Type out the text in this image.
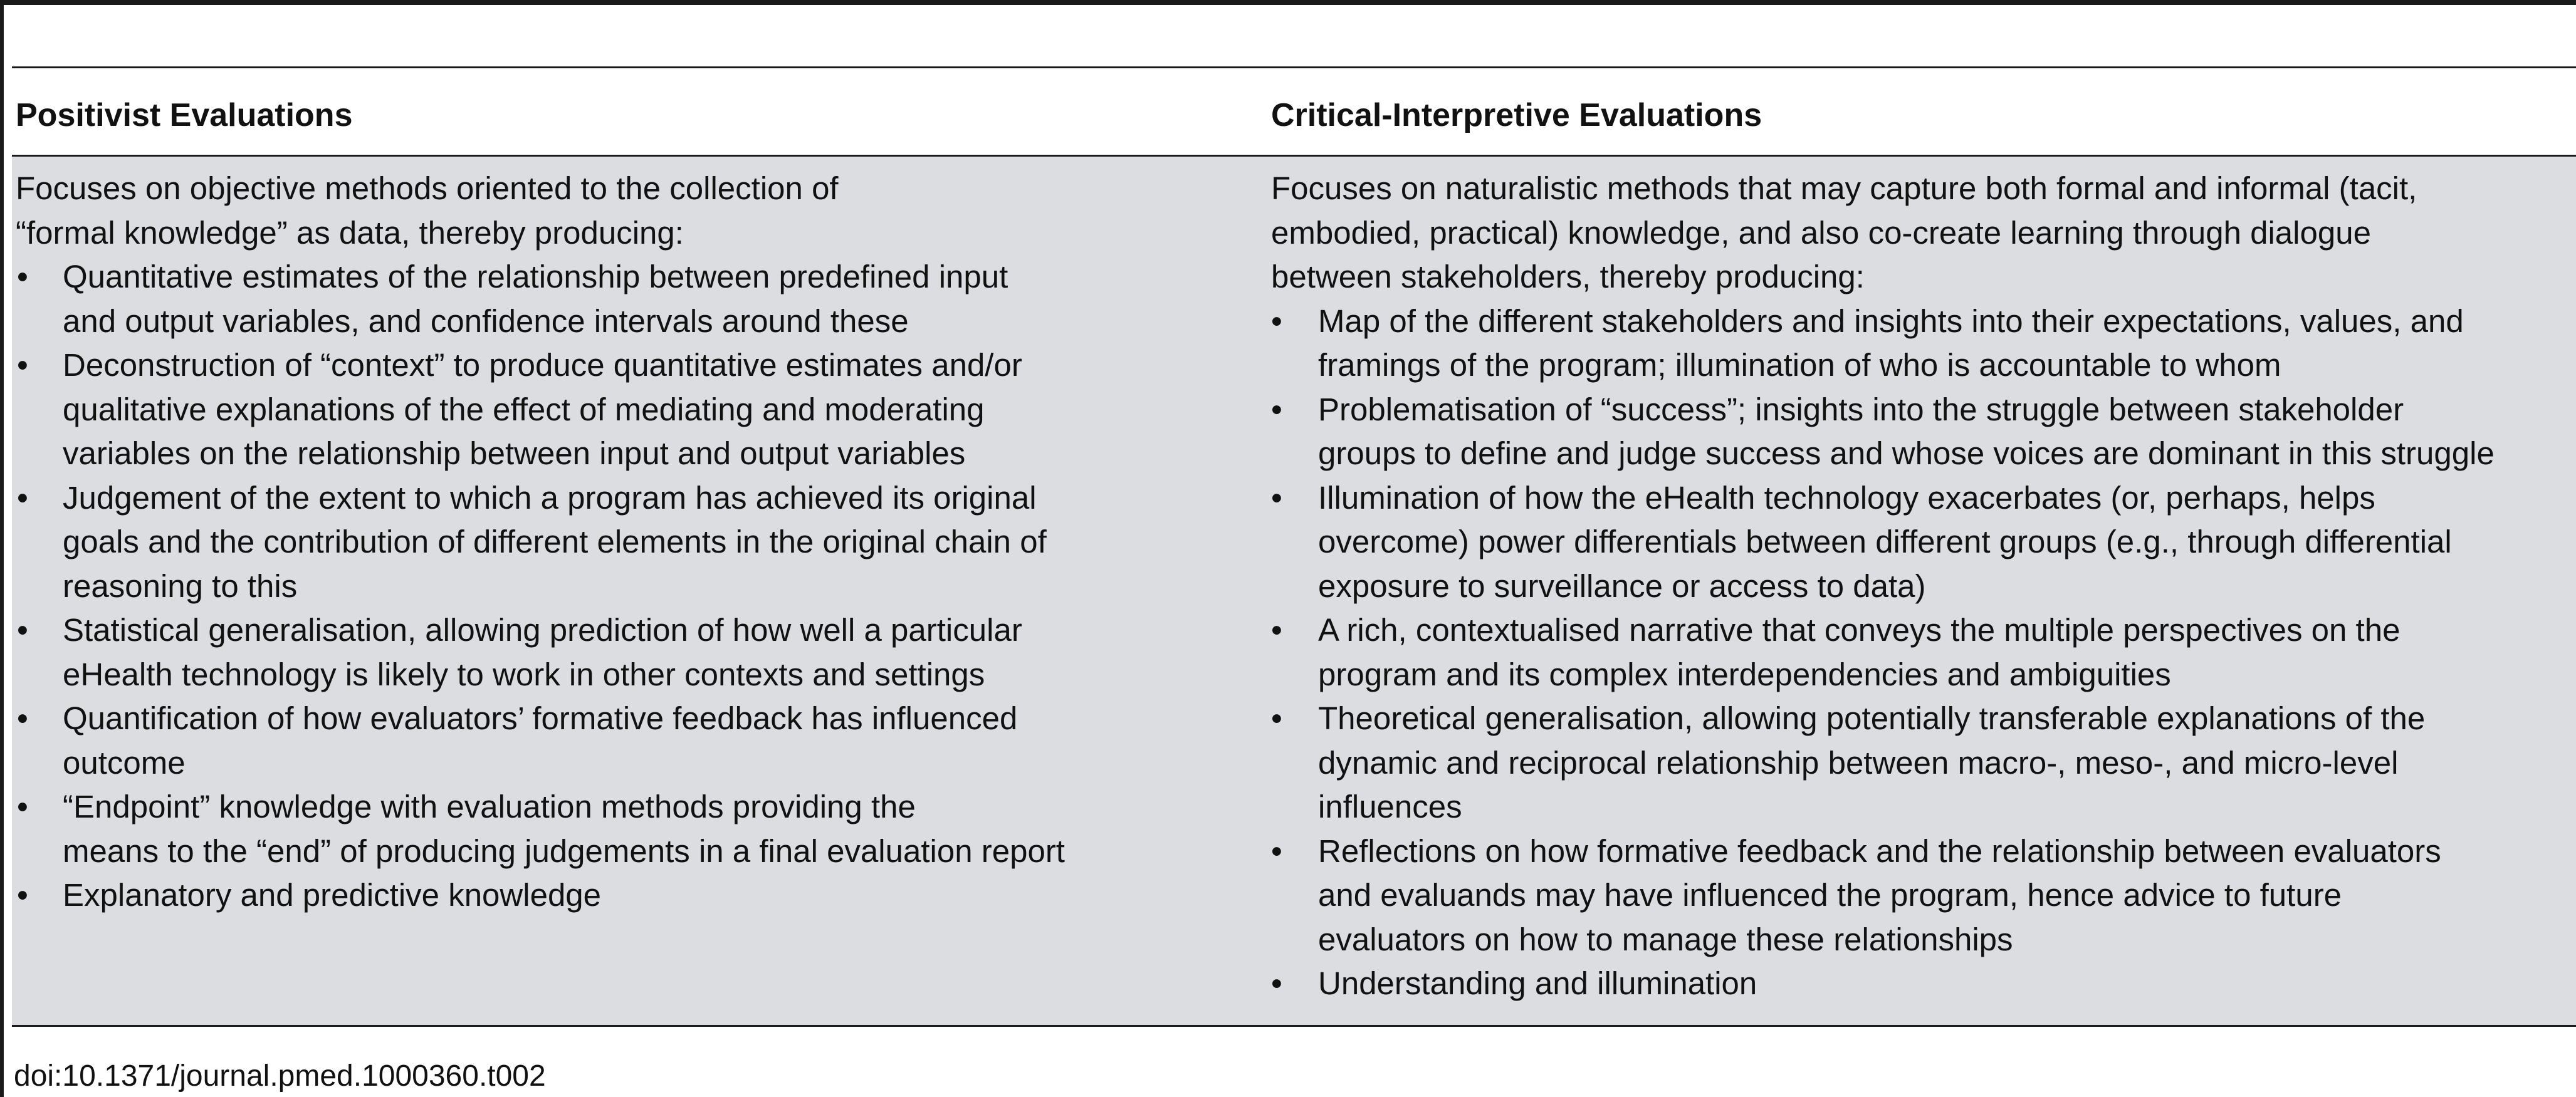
Positivist Evaluations	Critical-Interpretive Evaluations

Focuses on objective methods oriented to the collection of

“formal knowledge” as data, thereby producing:

• Quantitative estimates of the relationship between predefined input
and output variables, and confidence intervals around these
• Deconstruction of “context” to produce quantitative estimates and/or
qualitative explanations of the effect of mediating and moderating
variables on the relationship between input and output variables
• Judgement of the extent to which a program has achieved its original
goals and the contribution of different elements in the original chain of
reasoning to this
• Statistical generalisation, allowing prediction of how well a particular
eHealth technology is likely to work in other contexts and settings
• Quantification of how evaluators’ formative feedback has influenced
outcome
• “Endpoint” knowledge with evaluation methods providing the
means to the “end” of producing judgements in a final evaluation report
• Explanatory and predictive knowledge

Focuses on naturalistic methods that may capture both formal and informal (tacit,

embodied, practical) knowledge, and also co-create learning through dialogue

between stakeholders, thereby producing:

• Map of the different stakeholders and insights into their expectations, values, and
framings of the program; illumination of who is accountable to whom
• Problematisation of “success”; insights into the struggle between stakeholder
groups to define and judge success and whose voices are dominant in this struggle
• Illumination of how the eHealth technology exacerbates (or, perhaps, helps
overcome) power differentials between different groups (e.g., through differential
exposure to surveillance or access to data)
• A rich, contextualised narrative that conveys the multiple perspectives on the
program and its complex interdependencies and ambiguities
• Theoretical generalisation, allowing potentially transferable explanations of the
dynamic and reciprocal relationship between macro-, meso-, and micro-level
influences
• Reflections on how formative feedback and the relationship between evaluators
and evaluands may have influenced the program, hence advice to future
evaluators on how to manage these relationships
• Understanding and illumination
doi:10.1371/journal.pmed.1000360.t002
